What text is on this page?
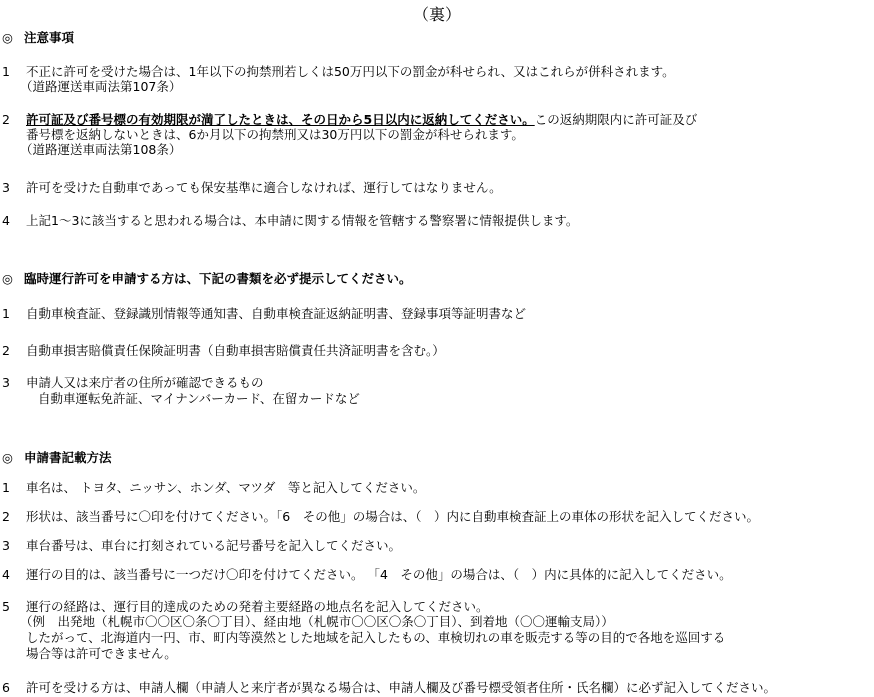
（裏）
◎ 注意事項
1 不正に許可を受けた場合は、1年以下の拘禁刑若しくは50万円以下の罰金が科せられ、又はこれらが併科されます。
（道路運送車両法第107条）
2 許可証及び番号標の有効期限が満了したときは、その日から5日以内に返納してください。この返納期限内に許可証及び
番号標を返納しないときは、6か月以下の拘禁刑又は30万円以下の罰金が科せられます。
（道路運送車両法第108条）
3 許可を受けた自動車であっても保安基準に適合しなければ、運行してはなりません。
4 上記1～3に該当すると思われる場合は、本申請に関する情報を管轄する警察署に情報提供します。
◎ 臨時運行許可を申請する方は、下記の書類を必ず提示してください。
1 自動車検査証、登録識別情報等通知書、自動車検査証返納証明書、登録事項等証明書など
2 自動車損害賠償責任保険証明書（自動車損害賠償責任共済証明書を含む。）
3 申請人又は来庁者の住所が確認できるもの
自動車運転免許証、マイナンバーカード、在留カードなど
◎ 申請書記載方法
1 車名は、 トヨタ、ニッサン、ホンダ、マツダ　等と記入してください。
2 形状は、該当番号に〇印を付けてください。「6　その他」の場合は、（　）内に自動車検査証上の車体の形状を記入してください。
3 車台番号は、車台に打刻されている記号番号を記入してください。
4 運行の目的は、該当番号に一つだけ〇印を付けてください。 「4　その他」の場合は、（　）内に具体的に記入してください。
5 運行の経路は、運行目的達成のための発着主要経路の地点名を記入してください。
（例　出発地（札幌市〇〇区〇条〇丁目）、経由地（札幌市〇〇区〇条〇丁目）、到着地（〇〇運輸支局））
したがって、北海道内一円、市、町内等漠然とした地域を記入したもの、車検切れの車を販売する等の目的で各地を巡回する
場合等は許可できません。
6 許可を受ける方は、申請人欄（申請人と来庁者が異なる場合は、申請人欄及び番号標受領者住所・氏名欄）に必ず記入してください。
